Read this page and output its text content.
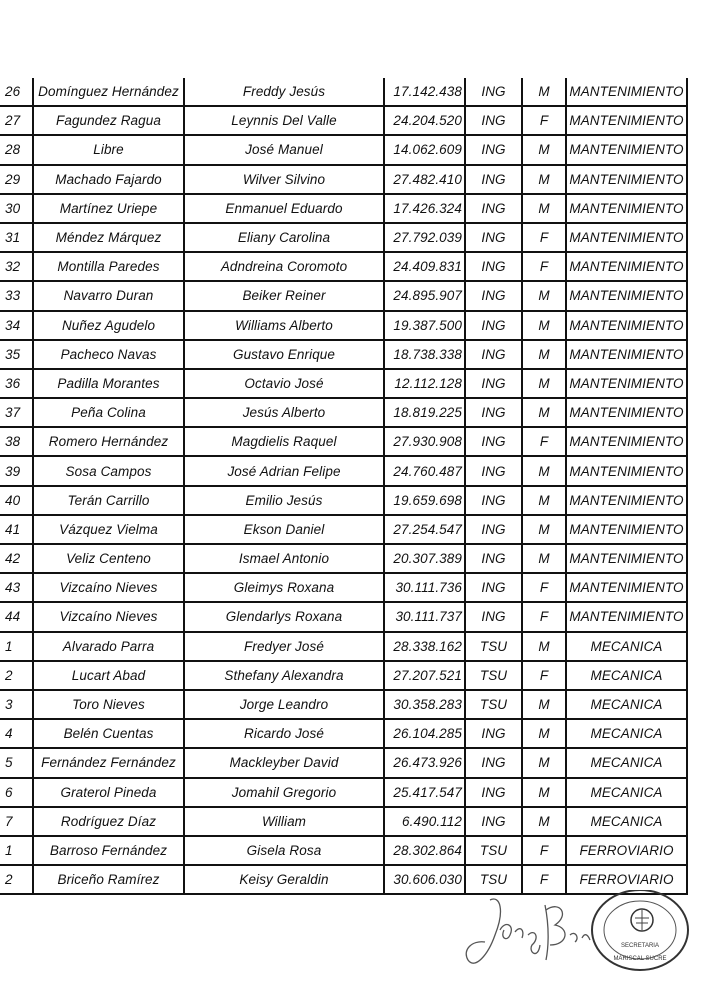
26	Domínguez Hernández	Freddy Jesús	17.142.438	ING	M	MANTENIMIENTO
27	Fagundez Ragua	Leynnis Del Valle	24.204.520	ING	F	MANTENIMIENTO
28	Libre	José Manuel	14.062.609	ING	M	MANTENIMIENTO
29	Machado Fajardo	Wilver Silvino	27.482.410	ING	M	MANTENIMIENTO
30	Martínez Uriepe	Enmanuel Eduardo	17.426.324	ING	M	MANTENIMIENTO
31	Méndez Márquez	Eliany Carolina	27.792.039	ING	F	MANTENIMIENTO
32	Montilla Paredes	Adndreina Coromoto	24.409.831	ING	F	MANTENIMIENTO
33	Navarro Duran	Beiker Reiner	24.895.907	ING	M	MANTENIMIENTO
34	Nuñez Agudelo	Williams Alberto	19.387.500	ING	M	MANTENIMIENTO
35	Pacheco Navas	Gustavo Enrique	18.738.338	ING	M	MANTENIMIENTO
36	Padilla Morantes	Octavio José	12.112.128	ING	M	MANTENIMIENTO
37	Peña Colina	Jesús Alberto	18.819.225	ING	M	MANTENIMIENTO
38	Romero Hernández	Magdielis Raquel	27.930.908	ING	F	MANTENIMIENTO
39	Sosa Campos	José Adrian Felipe	24.760.487	ING	M	MANTENIMIENTO
40	Terán Carrillo	Emilio Jesús	19.659.698	ING	M	MANTENIMIENTO
41	Vázquez Vielma	Ekson Daniel	27.254.547	ING	M	MANTENIMIENTO
42	Veliz Centeno	Ismael Antonio	20.307.389	ING	M	MANTENIMIENTO
43	Vizcaíno Nieves	Gleimys Roxana	30.111.736	ING	F	MANTENIMIENTO
44	Vizcaíno Nieves	Glendarlys Roxana	30.111.737	ING	F	MANTENIMIENTO
1	Alvarado Parra	Fredyer José	28.338.162	TSU	M	MECANICA
2	Lucart Abad	Sthefany Alexandra	27.207.521	TSU	F	MECANICA
3	Toro Nieves	Jorge Leandro	30.358.283	TSU	M	MECANICA
4	Belén Cuentas	Ricardo José	26.104.285	ING	M	MECANICA
5	Fernández Fernández	Mackleyber David	26.473.926	ING	M	MECANICA
6	Graterol Pineda	Jomahil Gregorio	25.417.547	ING	M	MECANICA
7	Rodríguez Díaz	William	6.490.112	ING	M	MECANICA
1	Barroso Fernández	Gisela Rosa	28.302.864	TSU	F	FERROVIARIO
2	Briceño Ramírez	Keisy Geraldin	30.606.030	TSU	F	FERROVIARIO
SECRETARIA
MARISCAL SUCRE
